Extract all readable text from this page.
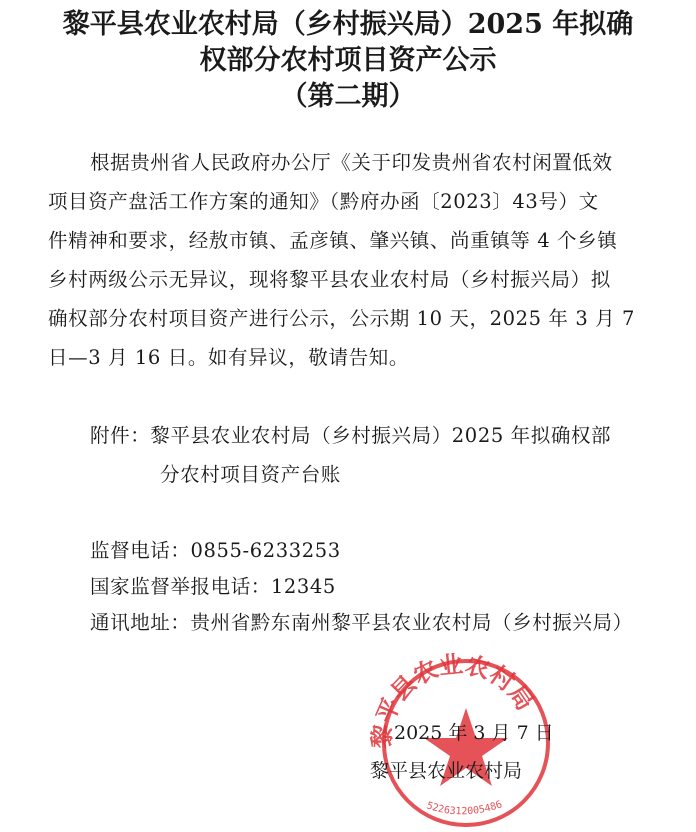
黎平县农业农村局（乡村振兴局）2025 年拟确
权部分农村项目资产公示
（第二期）
根据贵州省人民政府办公厅《关于印发贵州省农村闲置低效
项目资产盘活工作方案的通知》（黔府办函〔2023〕43号）文
件精神和要求，经敖市镇、孟彦镇、肇兴镇、尚重镇等 4 个乡镇
乡村两级公示无异议，现将黎平县农业农村局（乡村振兴局）拟
确权部分农村项目资产进行公示，公示期 10 天，2025 年 3 月 7
日—3 月 16 日。如有异议，敬请告知。
附件：黎平县农业农村局（乡村振兴局）2025 年拟确权部
分农村项目资产台账
监督电话：0855-6233253
国家监督举报电话：12345
通讯地址：贵州省黔东南州黎平县农业农村局（乡村振兴局）
黎平县农业农村局
5226312005486
2025 年 3 月 7 日
黎平县农业农村局
